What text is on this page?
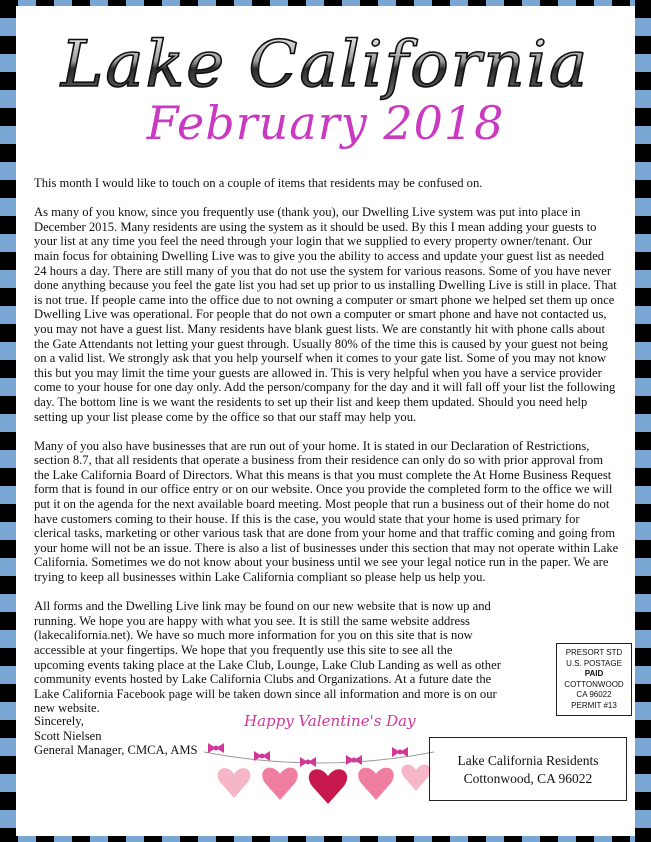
Lake California
February 2018

This month I would like to touch on a couple of items that residents may be confused on.

As many of you know, since you frequently use (thank you), our Dwelling Live system was put into place in December 2015. Many residents are using the system as it should be used. By this I mean adding your guests to your list at any time you feel the need through your login that we supplied to every property owner/tenant. Our main focus for obtaining Dwelling Live was to give you the ability to access and update your guest list as needed 24 hours a day. There are still many of you that do not use the system for various reasons. Some of you have never done anything because you feel the gate list you had set up prior to us installing Dwelling Live is still in place. That is not true. If people came into the office due to not owning a computer or smart phone we helped set them up once Dwelling Live was operational. For people that do not own a computer or smart phone and have not contacted us, you may not have a guest list. Many residents have blank guest lists. We are constantly hit with phone calls about the Gate Attendants not letting your guest through. Usually 80% of the time this is caused by your guest not being on a valid list. We strongly ask that you help yourself when it comes to your gate list. Some of you may not know this but you may limit the time your guests are allowed in. This is very helpful when you have a service provider come to your house for one day only. Add the person/company for the day and it will fall off your list the following day. The bottom line is we want the residents to set up their list and keep them updated. Should you need help setting up your list please come by the office so that our staff may help you.

Many of you also have businesses that are run out of your home. It is stated in our Declaration of Restrictions, section 8.7, that all residents that operate a business from their residence can only do so with prior approval from the Lake California Board of Directors. What this means is that you must complete the At Home Business Request form that is found in our office entry or on our website. Once you provide the completed form to the office we will put it on the agenda for the next available board meeting. Most people that run a business out of their home do not have customers coming to their house. If this is the case, you would state that your home is used primary for clerical tasks, marketing or other various task that are done from your home and that traffic coming and going from your home will not be an issue. There is also a list of businesses under this section that may not operate within Lake California. Sometimes we do not know about your business until we see your legal notice run in the paper. We are trying to keep all businesses within Lake California compliant so please help us help you.

All forms and the Dwelling Live link may be found on our new website that is now up and running. We hope you are happy with what you see. It is still the same website address (lakecalifornia.net). We have so much more information for you on this site that is now accessible at your fingertips. We hope that you frequently use this site to see all the upcoming events taking place at the Lake Club, Lounge, Lake Club Landing as well as other community events hosted by Lake California Clubs and Organizations. At a future date the Lake California Facebook page will be taken down since all information and more is on our new website.

PRESORT STD
U.S. POSTAGE
PAID
COTTONWOOD
CA 96022
PERMIT #13
Sincerely,
Scott Nielsen
General Manager, CMCA, AMS
Happy Valentine's Day
Lake California Residents
Cottonwood, CA 96022
